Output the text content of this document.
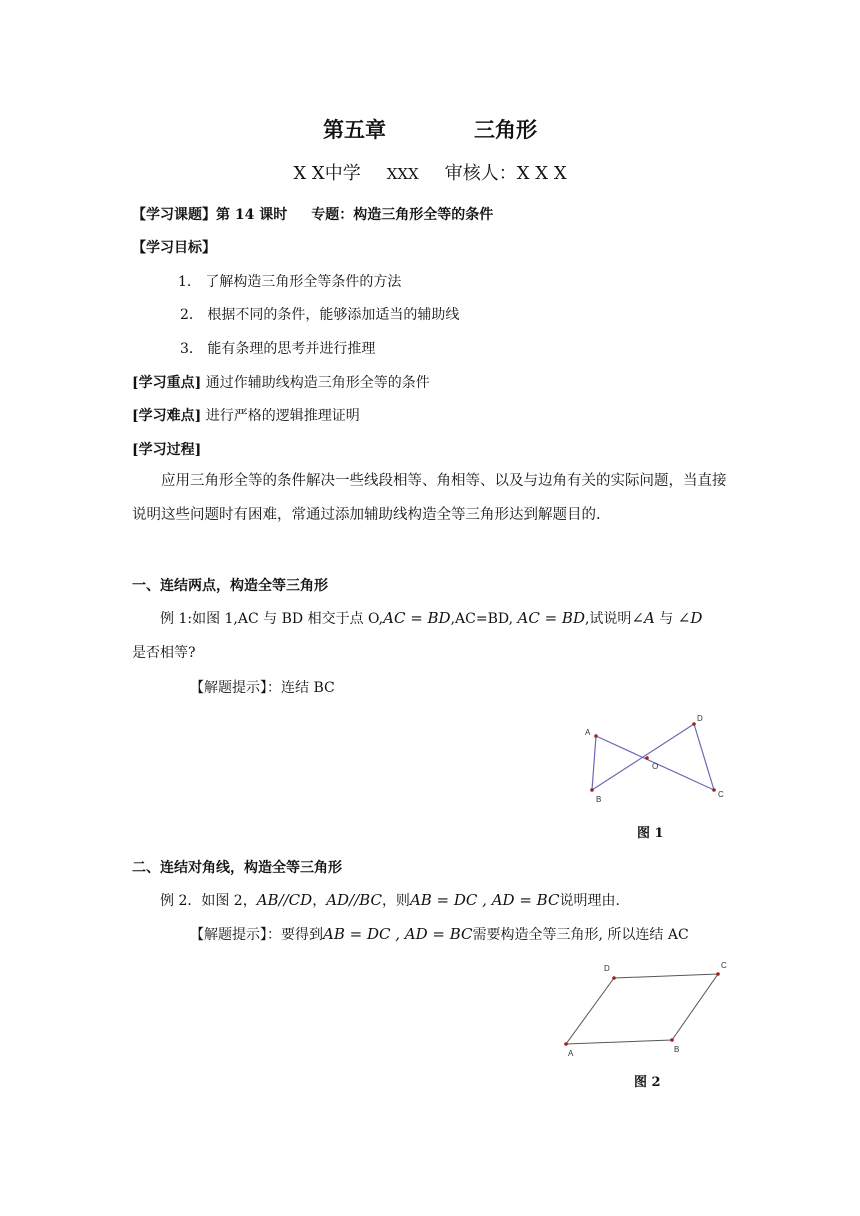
第五章	三角形
X X中学 XXX 审核人：X X X
【学习课题】第 14 课时 专题：构造三角形全等的条件
【学习目标】
1． 了解构造三角形全等条件的方法
2． 根据不同的条件，能够添加适当的辅助线
3． 能有条理的思考并进行推理
[学习重点] 通过作辅助线构造三角形全等的条件
[学习难点] 进行严格的逻辑推理证明
[学习过程]
应用三角形全等的条件解决一些线段相等、角相等、以及与边角有关的实际问题，当直接说明这些问题时有困难，常通过添加辅助线构造全等三角形达到解题目的.
一、连结两点，构造全等三角形
例 1:如图 1,AC 与 BD 相交于点 O,AC = BD,AC=BD, AC = BD,试说明∠A 与 ∠D
是否相等?
【解题提示】：连结 BC
A
D
O
B
C
图 1
二、连结对角线，构造全等三角形
例 2．如图 2，AB//CD，AD//BC，则AB = DC , AD = BC说明理由.
【解题提示】：要得到AB = DC , AD = BC需要构造全等三角形, 所以连结 AC
D	C
A	B
图 2
